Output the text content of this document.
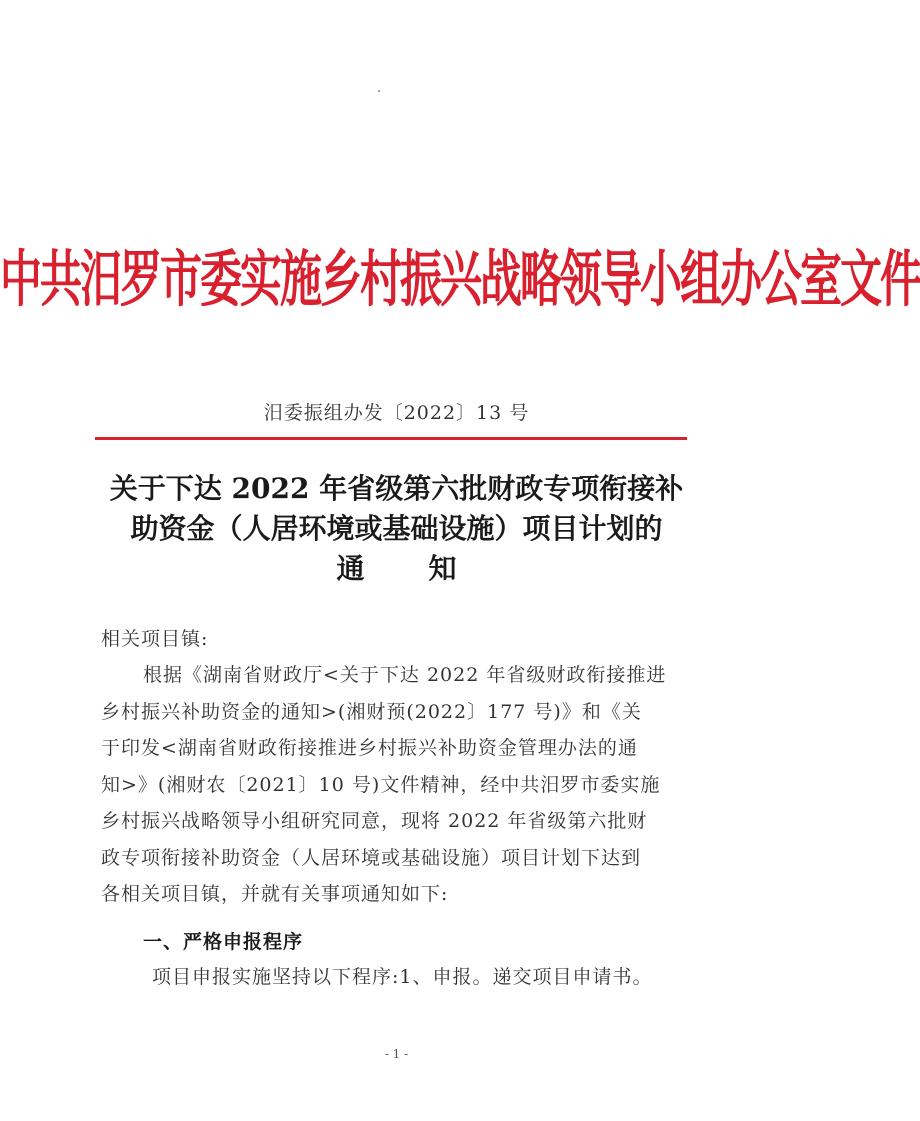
中共汨罗市委实施乡村振兴战略领导小组办公室文件
汨委振组办发〔2022〕13 号
关于下达 2022 年省级第六批财政专项衔接补
助资金（人居环境或基础设施）项目计划的
通知
相关项目镇:
根据《湖南省财政厅<关于下达 2022 年省级财政衔接推进
乡村振兴补助资金的通知>(湘财预(2022〕177 号)》和《关
于印发<湖南省财政衔接推进乡村振兴补助资金管理办法的通
知>》(湘财农〔2021〕10 号)文件精神，经中共汨罗市委实施
乡村振兴战略领导小组研究同意，现将 2022 年省级第六批财
政专项衔接补助资金（人居环境或基础设施）项目计划下达到
各相关项目镇，并就有关事项通知如下:
一、严格申报程序
项目申报实施坚持以下程序:1、申报。递交项目申请书。
- 1 -
